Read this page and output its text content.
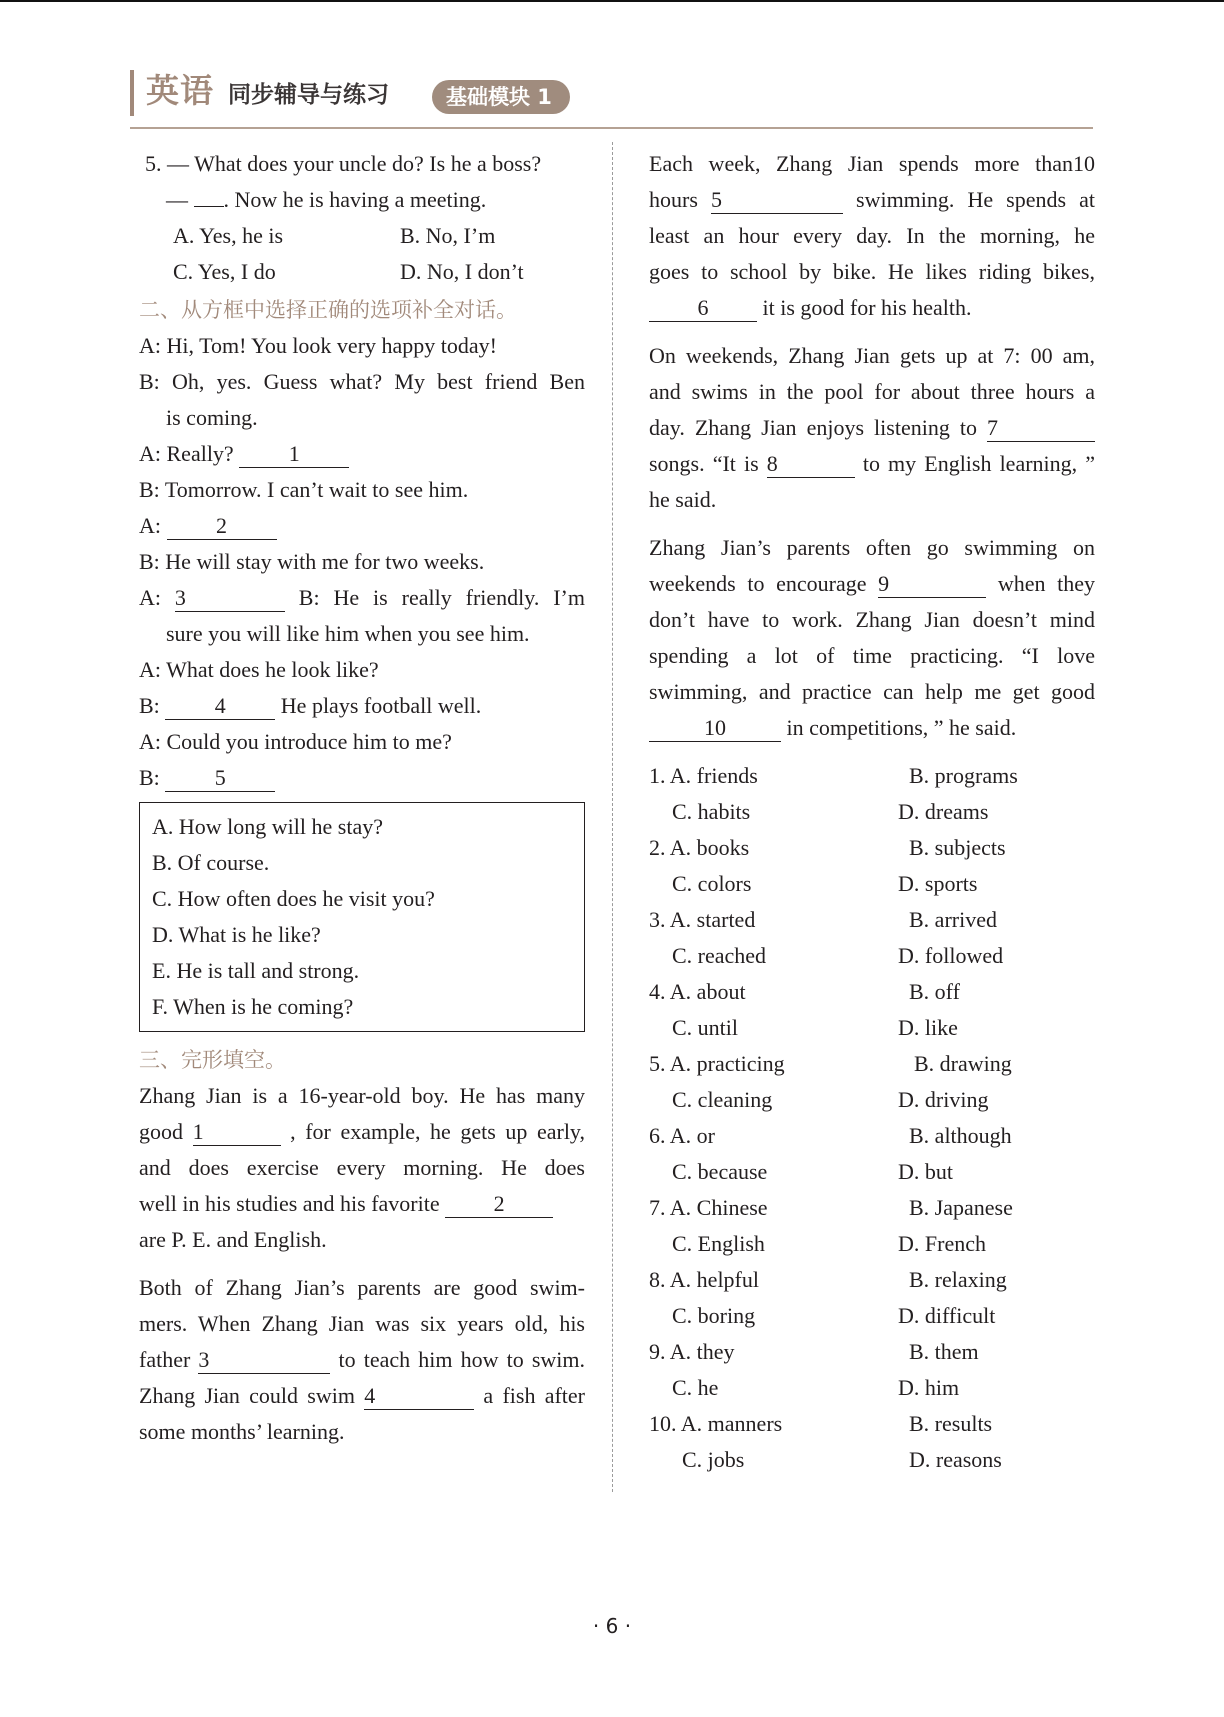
英语 同步辅导与练习	基础模块 1
5. — What does your uncle do? Is he a boss?
— . Now he is having a meeting.
A. Yes, he is	B. No, I’m
C. Yes, I do	D. No, I don’t
二、从方框中选择正确的选项补全对话。
A: Hi, Tom! You look very happy today!
B: Oh, yes. Guess what? My best friend Ben
is coming.
A: Really? 1
B: Tomorrow. I can’t wait to see him.
A: 2
B: He will stay with me for two weeks.
A: 3	B: He is really friendly. I’m
sure you will like him when you see him.
A: What does he look like?
B: 4 He plays football well.
A: Could you introduce him to me?
B: 5
A. How long will he stay?
B. Of course.
C. How often does he visit you?
D. What is he like?
E. He is tall and strong.
F. When is he coming?
三、完形填空。
Zhang Jian is a 16-year-old boy. He has many
good 1	, for example, he gets up early,
and does exercise every morning. He does
well in his studies and his favorite 2
are P. E. and English.
Both of Zhang Jian’s parents are good swim-
mers. When Zhang Jian was six years old, his
father 3	to teach him how to swim.
Zhang Jian could swim 4	a fish after
some months’ learning.
Each week, Zhang Jian spends more than10
hours 5	swimming. He spends at
least an hour every day. In the morning, he
goes to school by bike. He likes riding bikes,
6 it is good for his health.
On weekends, Zhang Jian gets up at 7: 00 am,
and swims in the pool for about three hours a
day. Zhang Jian enjoys listening to 7
songs. “It is 8	to my English learning, ”
he said.
Zhang Jian’s parents often go swimming on
weekends to encourage 9	when they
don’t have to work. Zhang Jian doesn’t mind
spending a lot of time practicing. “I love
swimming, and practice can help me get good
10	in competitions, ” he said.
1. A. friends	B. programs
C. habits	D. dreams
2. A. books	B. subjects
C. colors	D. sports
3. A. started	B. arrived
C. reached	D. followed
4. A. about	B. off
C. until	D. like
5. A. practicing	B. drawing
C. cleaning	D. driving
6. A. or	B. although
C. because	D. but
7. A. Chinese	B. Japanese
C. English	D. French
8. A. helpful	B. relaxing
C. boring	D. difficult
9. A. they	B. them
C. he	D. him
10. A. manners	B. results
C. jobs	D. reasons
· 6 ·
